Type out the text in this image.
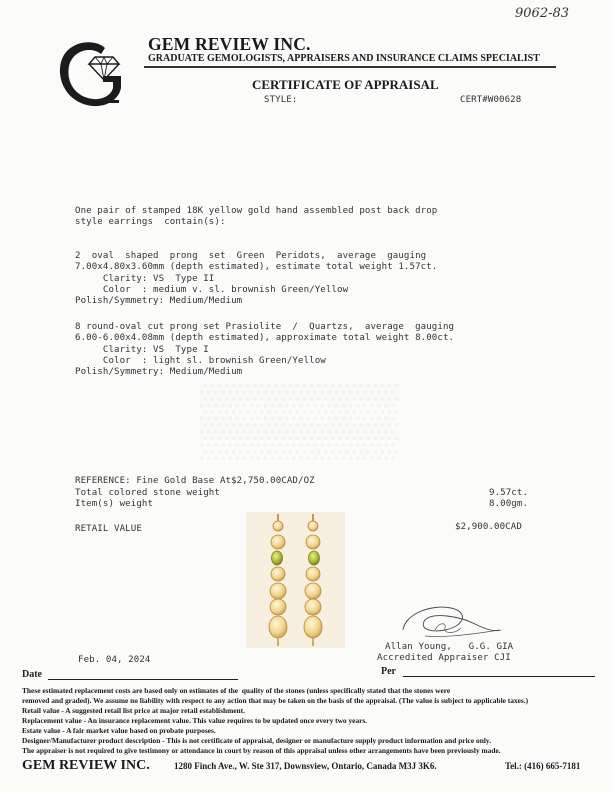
9062-83
GEM REVIEW INC.
GRADUATE GEMOLOGISTS, APPRAISERS AND INSURANCE CLAIMS SPECIALIST
CERTIFICATE OF APPRAISAL
STYLE:	CERT#W00628
One pair of stamped 18K yellow gold hand assembled post back drop
style earrings  contain(s):
2  oval  shaped  prong  set  Green  Peridots,  average  gauging
7.00x4.80x3.60mm (depth estimated), estimate total weight 1.57ct.
Clarity: VS  Type II
Color  : medium v. sl. brownish Green/Yellow
Polish/Symmetry: Medium/Medium
8 round-oval cut prong set Prasiolite  /  Quartzs,  average  gauging
6.00-6.00x4.08mm (depth estimated), approximate total weight 8.00ct.
Clarity: VS  Type I
Color  : light sl. brownish Green/Yellow
Polish/Symmetry: Medium/Medium
▒▒▒▒
REFERENCE: Fine Gold Base At$2,750.00CAD/OZ
Total colored stone weight	9.57ct.
Item(s) weight	8.00gm.
RETAIL VALUE	$2,900.00CAD
Allan Young,   G.G. GIA
Accredited Appraiser CJI
Feb. 04, 2024
Date	Per
These estimated replacement costs are based only on estimates of the  quality of the stones (unless specifically stated that the stones were
removed and graded). We assume no liability with respect to any action that may be taken on the basis of the appraisal. (The value is subject to applicable taxes.)
Retail value - A suggested retail list price at major retail establishment.
Replacement value - An insurance replacement value. This value requires to be updated once every two years.
Estate value - A fair market value based on probate purposes.
Designer/Manufacturer product description - This is not certificate of appraisal, designer or manufacture supply product information and price only.
The appraiser is not required to give testimony or attendance in court by reason of this appraisal unless other arrangements have been previously made.
GEM REVIEW INC.	1280 Finch Ave., W. Ste 317, Downsview, Ontario, Canada M3J 3K6.	Tel.: (416) 665-7181
